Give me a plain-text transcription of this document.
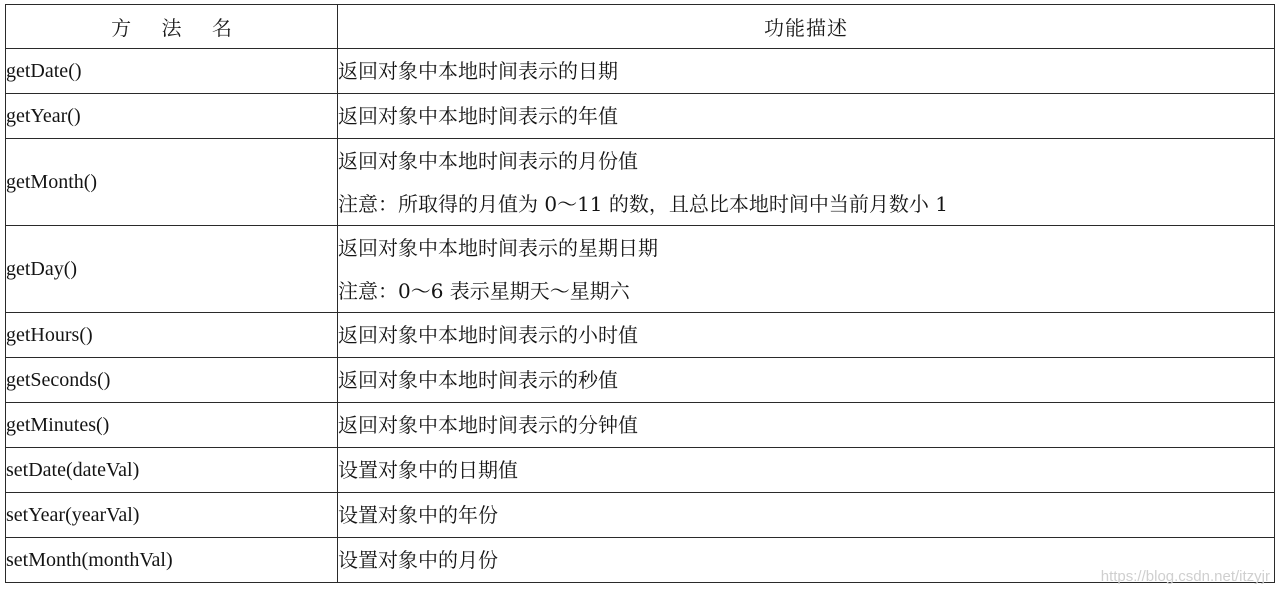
方 法 名	功能描述
getDate()	返回对象中本地时间表示的日期

getYear()	返回对象中本地时间表示的年值

getMonth()	返回对象中本地时间表示的月份值
注意：所取得的月值为 0～11 的数，且总比本地时间中当前月数小 1

getDay()	返回对象中本地时间表示的星期日期
注意：0～6 表示星期天～星期六

getHours()	返回对象中本地时间表示的小时值

getSeconds()	返回对象中本地时间表示的秒值

getMinutes()	返回对象中本地时间表示的分钟值

setDate(dateVal)	设置对象中的日期值

setYear(yearVal)	设置对象中的年份

setMonth(monthVal)	设置对象中的月份
https://blog.csdn.net/itzyjr
